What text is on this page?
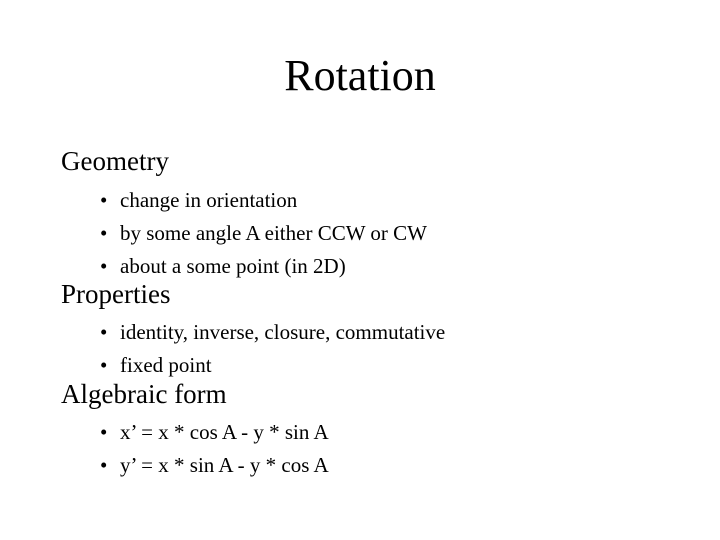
Rotation
Geometry
• change in orientation
• by some angle A either CCW or CW
• about a some point (in 2D)
Properties
• identity, inverse, closure, commutative
• fixed point
Algebraic form
• x’ = x * cos A - y * sin A
• y’ = x * sin A - y * cos A
